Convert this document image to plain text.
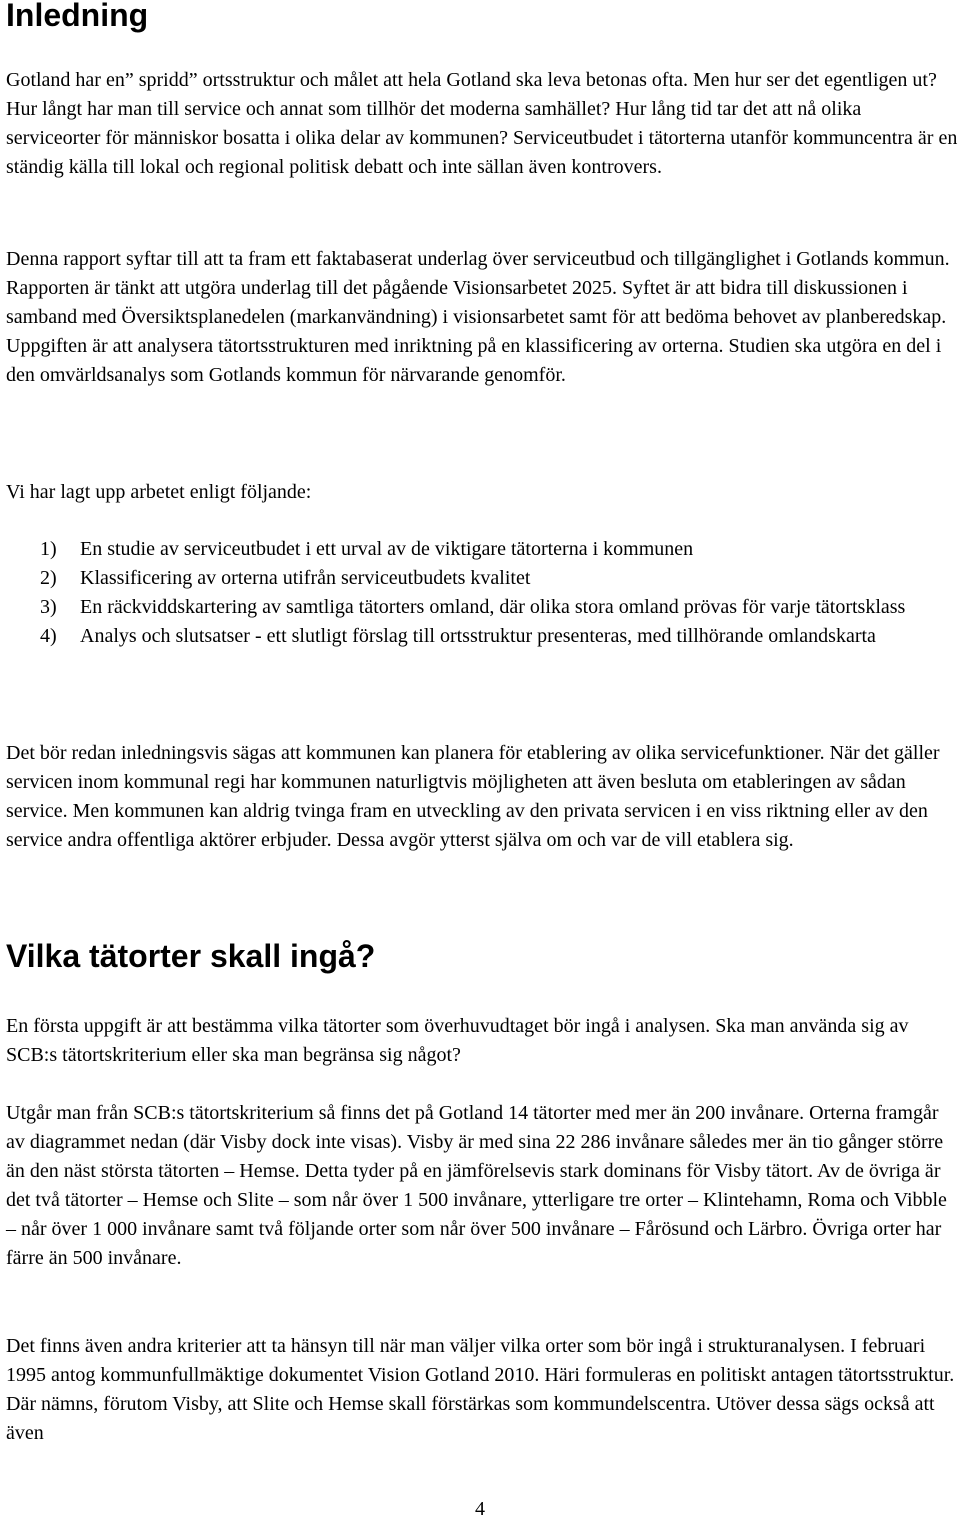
Inledning

Gotland har en” spridd” ortsstruktur och målet att hela Gotland ska leva betonas ofta. Men hur ser det egentligen ut? Hur långt har man till service och annat som tillhör det moderna samhället? Hur lång tid tar det att nå olika serviceorter för människor bosatta i olika delar av kommunen? Serviceutbudet i tätorterna utanför kommuncentra är en ständig källa till lokal och regional politisk debatt och inte sällan även kontrovers.

Denna rapport syftar till att ta fram ett faktabaserat underlag över serviceutbud och tillgänglighet i Gotlands kommun. Rapporten är tänkt att utgöra underlag till det pågående Visionsarbetet 2025. Syftet är att bidra till diskussionen i samband med Översiktsplanedelen (markanvändning) i visionsarbetet samt för att bedöma behovet av planberedskap. Uppgiften är att analysera tätortsstrukturen med inriktning på en klassificering av orterna. Studien ska utgöra en del i den omvärldsanalys som Gotlands kommun för närvarande genomför.

Vi har lagt upp arbetet enligt följande:

1) En studie av serviceutbudet i ett urval av de viktigare tätorterna i kommunen
2) Klassificering av orterna utifrån serviceutbudets kvalitet
3) En räckviddskartering av samtliga tätorters omland, där olika stora omland prövas för varje tätortsklass
4) Analys och slutsatser - ett slutligt förslag till ortsstruktur presenteras, med tillhörande omlandskarta

Det bör redan inledningsvis sägas att kommunen kan planera för etablering av olika servicefunktioner. När det gäller servicen inom kommunal regi har kommunen naturligtvis möjligheten att även besluta om etableringen av sådan service. Men kommunen kan aldrig tvinga fram en utveckling av den privata servicen i en viss riktning eller av den service andra offentliga aktörer erbjuder. Dessa avgör ytterst själva om och var de vill etablera sig.

Vilka tätorter skall ingå?

En första uppgift är att bestämma vilka tätorter som överhuvudtaget bör ingå i analysen. Ska man använda sig av SCB:s tätortskriterium eller ska man begränsa sig något?

Utgår man från SCB:s tätortskriterium så finns det på Gotland 14 tätorter med mer än 200 invånare. Orterna framgår av diagrammet nedan (där Visby dock inte visas). Visby är med sina 22 286 invånare således mer än tio gånger större än den näst största tätorten – Hemse. Detta tyder på en jämförelsevis stark dominans för Visby tätort. Av de övriga är det två tätorter – Hemse och Slite – som når över 1 500 invånare, ytterligare tre orter – Klintehamn, Roma och Vibble – når över 1 000 invånare samt två följande orter som når över 500 invånare – Fårösund och Lärbro. Övriga orter har färre än 500 invånare.

Det finns även andra kriterier att ta hänsyn till när man väljer vilka orter som bör ingå i strukturanalysen. I februari 1995 antog kommunfullmäktige dokumentet Vision Gotland 2010. Häri formuleras en politiskt antagen tätortsstruktur. Där nämns, förutom Visby, att Slite och Hemse skall förstärkas som kommundelscentra. Utöver dessa sägs också att även

4
